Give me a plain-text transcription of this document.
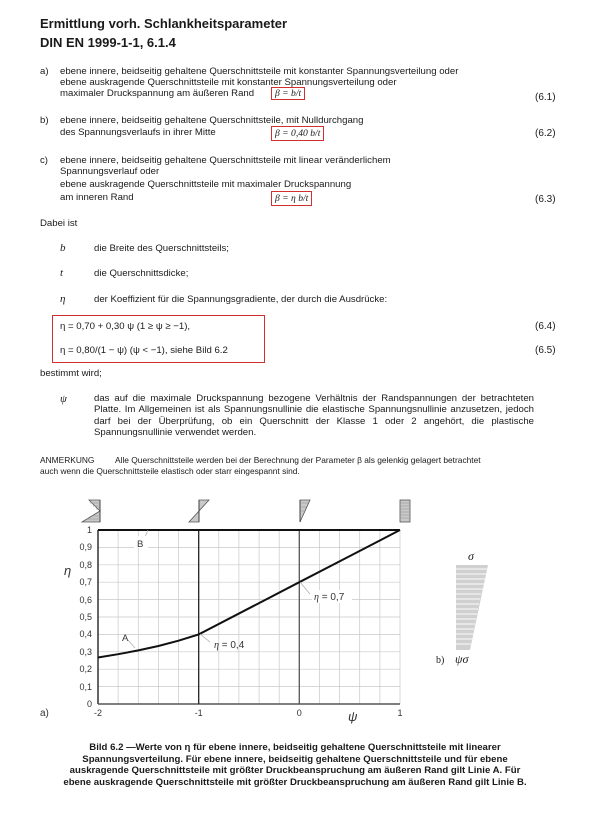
Ermittlung vorh. Schlankheitsparameter
DIN EN 1999-1-1, 6.1.4
a) ebene innere, beidseitig gehaltene Querschnittsteile mit konstanter Spannungsverteilung oder
ebene auskragende Querschnittsteile mit konstanter Spannungsverteilung oder
maximaler Druckspannung am äußeren Rand	β = b/t	(6.1)
b) ebene innere, beidseitig gehaltene Querschnittsteile, mit Nulldurchgang
des Spannungsverlaufs in ihrer Mitte	β = 0,40 b/t	(6.2)
c) ebene innere, beidseitig gehaltene Querschnittsteile mit linear veränderlichem
Spannungsverlauf oder
ebene auskragende Querschnittsteile mit maximaler Druckspannung
am inneren Rand	β = η b/t	(6.3)
Dabei ist
b	die Breite des Querschnittsteils;
t	die Querschnittsdicke;
η	der Koeffizient für die Spannungsgradiente, der durch die Ausdrücke:
η = 0,70 + 0,30 ψ (1 ≥ ψ ≥ −1),	(6.4)
η = 0,80/(1 − ψ) (ψ < −1), siehe Bild 6.2	(6.5)
bestimmt wird;
ψ	das auf die maximale Druckspannung bezogene Verhältnis der Randspannungen der betrachteten Platte. Im Allgemeinen ist als Spannungsnullinie die elastische Spannungsnullinie anzusetzen, jedoch darf bei der Überprüfung, ob ein Querschnitt der Klasse 1 oder 2 angehört, die plastische Spannungsnullinie verwendet werden.
ANMERKUNG Alle Querschnittsteile werden bei der Berechnung der Parameter β als gelenkig gelagert betrachtet
auch wenn die Querschnittsteile elastisch oder starr eingespannt sind.
B
A
η = 0,4
η = 0,7
1
0,9
0,8
0,7
0,6
0,5
0,4
0,3
0,2
0,1
0
η
-2	-1	0	1
ψ
a)
σ
b) ψσ
Bild 6.2 —Werte von η für ebene innere, beidseitig gehaltene Querschnittsteile mit linearer Spannungsverteilung. Für ebene innere, beidseitig gehaltene Querschnittsteile und für ebene auskragende Querschnittsteile mit größter Druckbeanspruchung am äußeren Rand gilt Linie A. Für ebene auskragende Querschnittsteile mit größter Druckbeanspruchung am äußeren Rand gilt Linie B.
